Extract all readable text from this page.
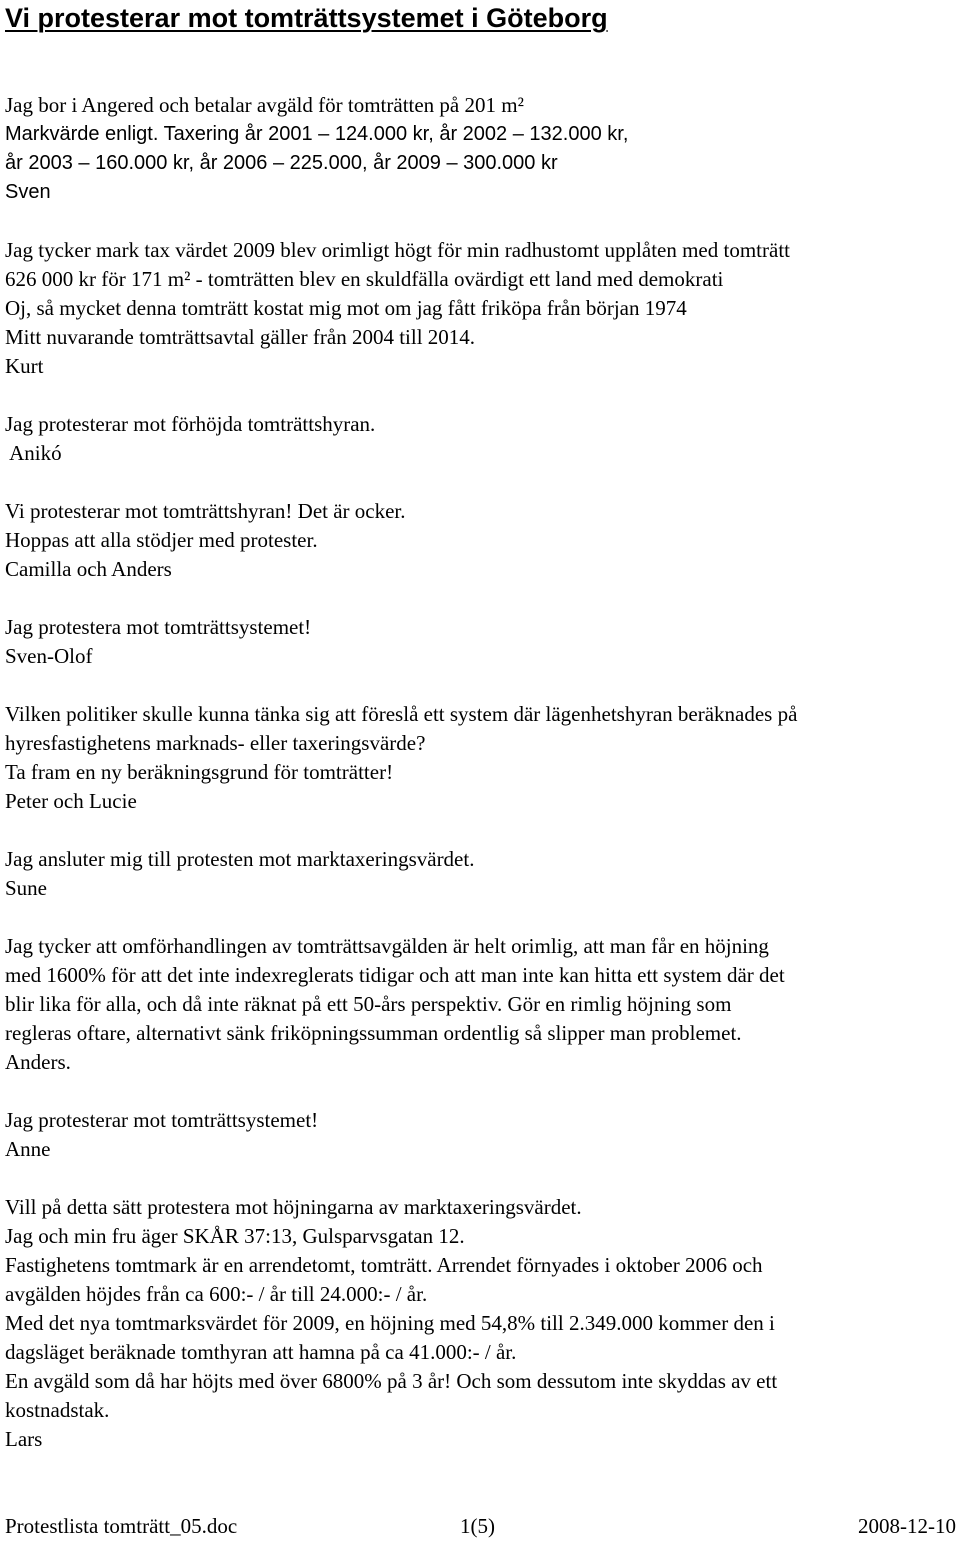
Vi protesterar mot tomträttsystemet i Göteborg
Jag bor i Angered och betalar avgäld för tomträtten på 201 m²
Markvärde enligt. Taxering år 2001 – 124.000 kr, år 2002 – 132.000 kr,
år 2003 – 160.000 kr, år 2006 – 225.000, år 2009 – 300.000 kr
Sven
Jag tycker mark tax värdet 2009 blev orimligt högt för min radhustomt upplåten med tomträtt
626 000 kr för 171 m² - tomträtten blev en skuldfälla ovärdigt ett land med demokrati
Oj, så mycket denna tomträtt kostat mig mot om jag fått friköpa från början 1974
Mitt nuvarande tomträttsavtal gäller från 2004 till 2014.
Kurt
Jag protesterar mot förhöjda tomträttshyran.
Anikó
Vi protesterar mot tomträttshyran! Det är ocker.
Hoppas att alla stödjer med protester.
Camilla och Anders
Jag protestera mot tomträttsystemet!
Sven-Olof
Vilken politiker skulle kunna tänka sig att föreslå ett system där lägenhetshyran beräknades på
hyresfastighetens marknads- eller taxeringsvärde?
Ta fram en ny beräkningsgrund för tomträtter!
Peter och Lucie
Jag ansluter mig till protesten mot marktaxeringsvärdet.
Sune
Jag tycker att omförhandlingen av tomträttsavgälden är helt orimlig, att man får en höjning
med 1600% för att det inte indexreglerats tidigar och att man inte kan hitta ett system där det
blir lika för alla, och då inte räknat på ett 50-års perspektiv. Gör en rimlig höjning som
regleras oftare, alternativt sänk friköpningssumman ordentlig så slipper man problemet.
Anders.
Jag protesterar mot tomträttsystemet!
Anne
Vill på detta sätt protestera mot höjningarna av marktaxeringsvärdet.
Jag och min fru äger SKÅR 37:13, Gulsparvsgatan 12.
Fastighetens tomtmark är en arrendetomt, tomträtt. Arrendet förnyades i oktober 2006 och
avgälden höjdes från ca 600:- / år till 24.000:- / år.
Med det nya tomtmarksvärdet för 2009, en höjning med 54,8% till 2.349.000 kommer den i
dagsläget beräknade tomthyran att hamna på ca 41.000:- / år.
En avgäld som då har höjts med över 6800% på 3 år! Och som dessutom inte skyddas av ett
kostnadstak.
Lars
Protestlista tomträtt_05.doc	1(5)	2008-12-10
